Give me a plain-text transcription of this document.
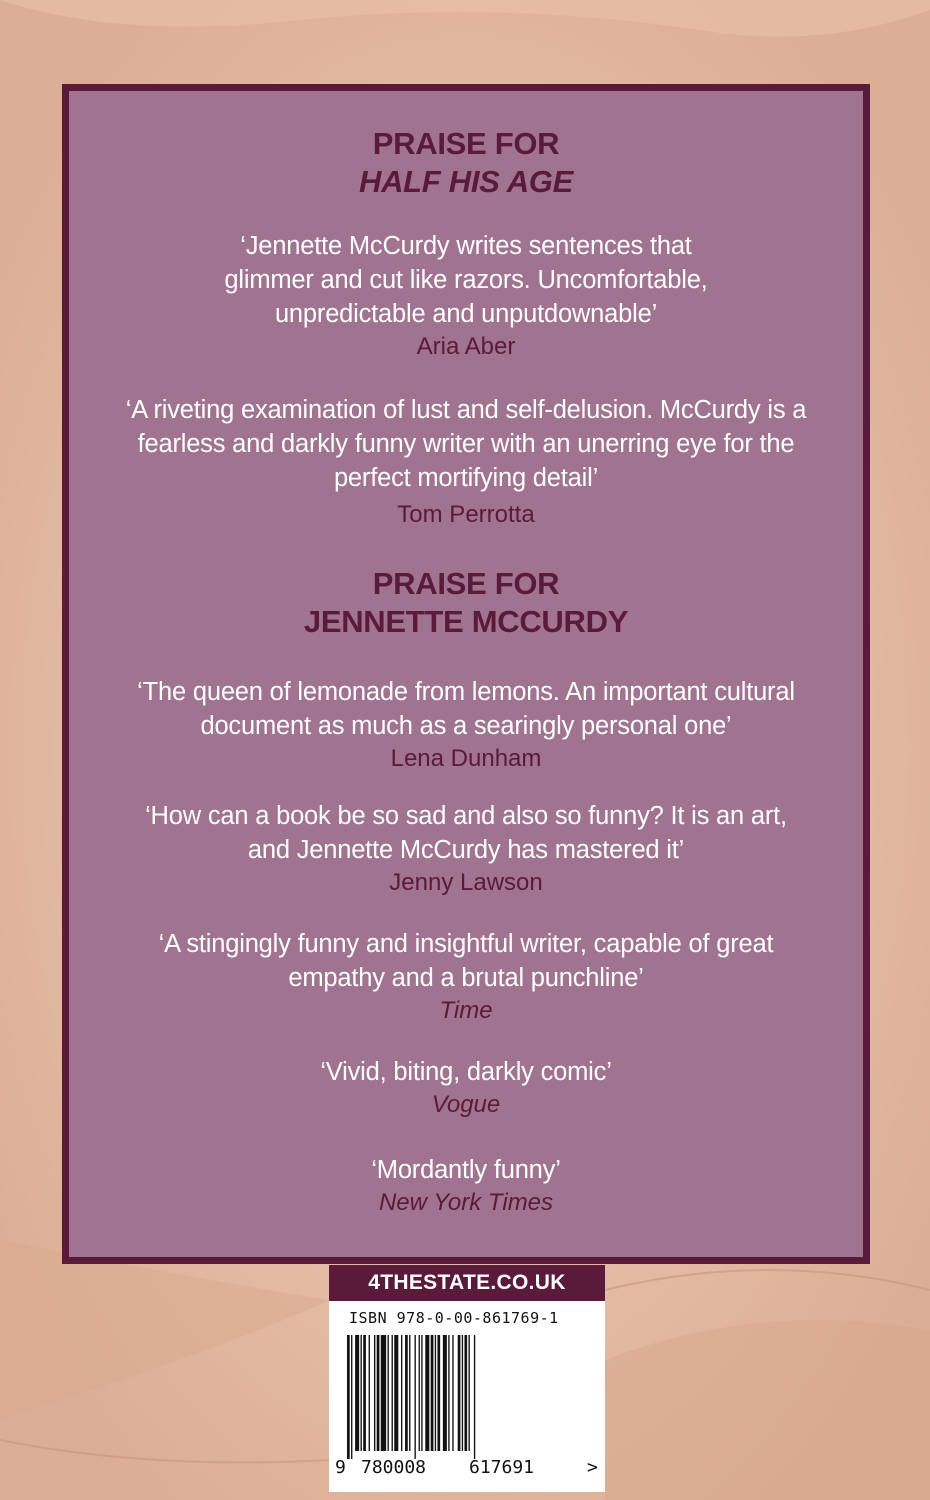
PRAISE FOR
HALF HIS AGE

‘Jennette McCurdy writes sentences that

glimmer and cut like razors. Uncomfortable,

unpredictable and unputdownable’

Aria Aber

‘A riveting examination of lust and self-delusion. McCurdy is a

fearless and darkly funny writer with an unerring eye for the

perfect mortifying detail’

Tom Perrotta

PRAISE FOR
JENNETTE MCCURDY

‘The queen of lemonade from lemons. An important cultural

document as much as a searingly personal one’

Lena Dunham

‘How can a book be so sad and also so funny? It is an art,

and Jennette McCurdy has mastered it’

Jenny Lawson

‘A stingingly funny and insightful writer, capable of great

empathy and a brutal punchline’

Time

‘Vivid, biting, darkly comic’

Vogue

‘Mordantly funny’

New York Times

4THESTATE.CO.UK
ISBN 978-0-00-861769-1
9 780008 617691	>
